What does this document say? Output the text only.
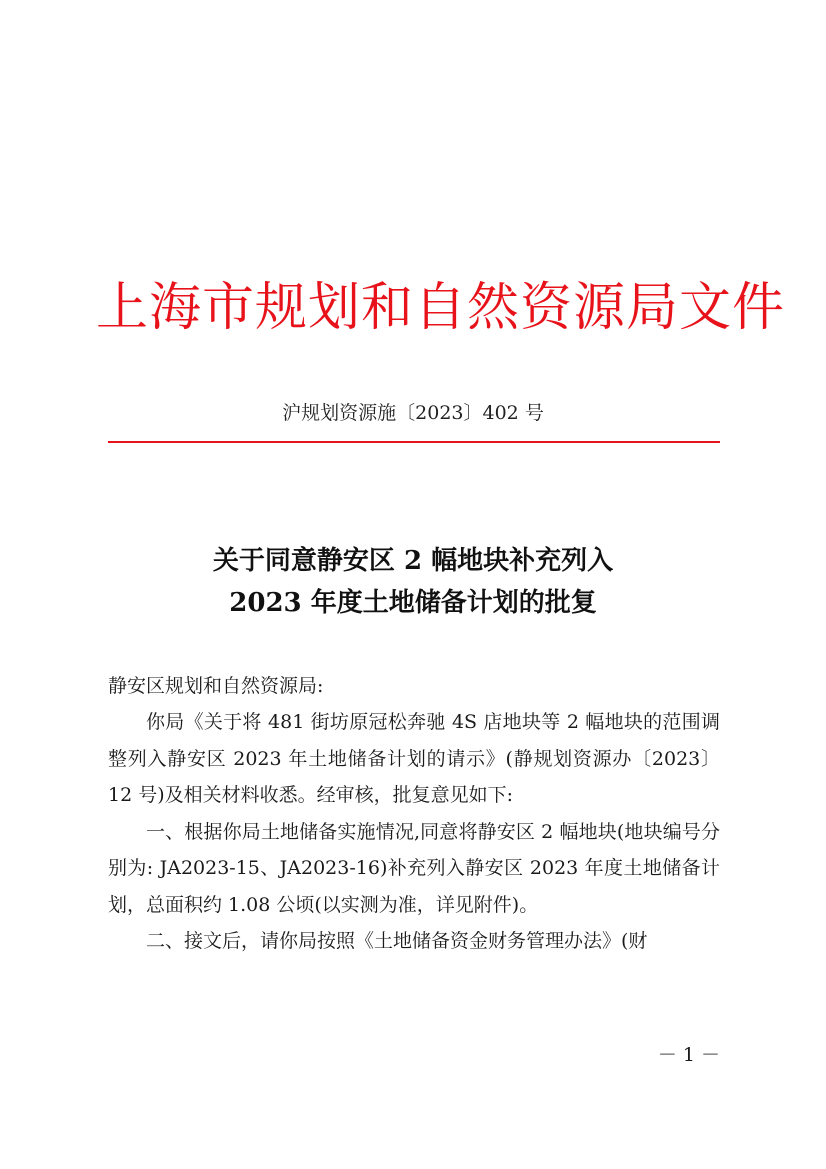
上海市规划和自然资源局文件
沪规划资源施〔2023〕402 号
关于同意静安区 2 幅地块补充列入
2023 年度土地储备计划的批复
静安区规划和自然资源局:

你局《关于将 481 街坊原冠松奔驰 4S 店地块等 2 幅地块的范围调整列入静安区 2023 年土地储备计划的请示》(静规划资源办〔2023〕12 号)及相关材料收悉。经审核，批复意见如下:

一、根据你局土地储备实施情况,同意将静安区 2 幅地块(地块编号分别为: JA2023-15、JA2023-16)补充列入静安区 2023 年度土地储备计划，总面积约 1.08 公顷(以实测为准，详见附件)。

二、接文后，请你局按照《土地储备资金财务管理办法》(财

－ 1 －
